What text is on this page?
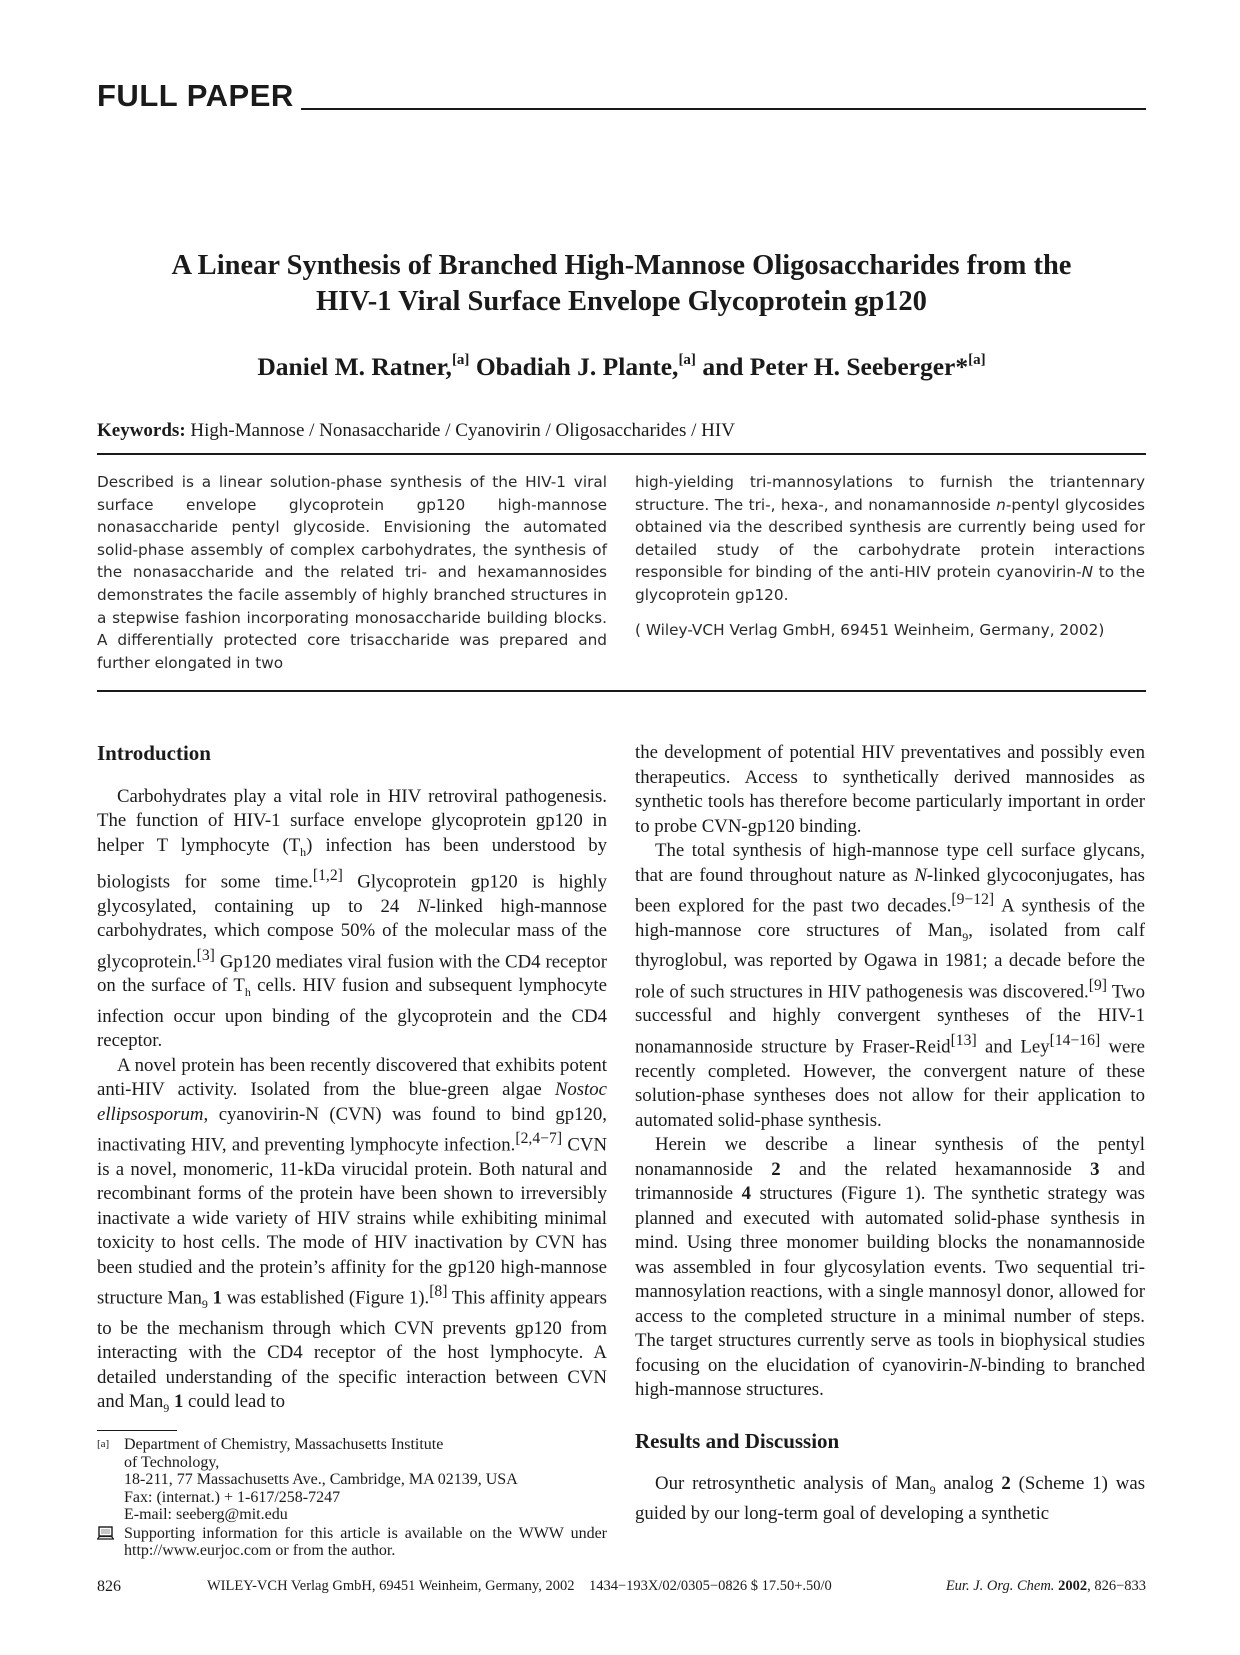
FULL PAPER
A Linear Synthesis of Branched High-Mannose Oligosaccharides from the
HIV-1 Viral Surface Envelope Glycoprotein gp120
Daniel M. Ratner,[a] Obadiah J. Plante,[a] and Peter H. Seeberger*[a]
Keywords: High-Mannose / Nonasaccharide / Cyanovirin / Oligosaccharides / HIV

Described is a linear solution-phase synthesis of the HIV-1 viral surface envelope glycoprotein gp120 high-mannose nonasaccharide pentyl glycoside. Envisioning the automated solid-phase assembly of complex carbohydrates, the synthesis of the nonasaccharide and the related tri- and hexamannosides demonstrates the facile assembly of highly branched structures in a stepwise fashion incorporating monosaccharide building blocks. A differentially protected core trisaccharide was prepared and further elongated in two

high-yielding tri-mannosylations to furnish the triantennary structure. The tri-, hexa-, and nonamannoside n-pentyl glycosides obtained via the described synthesis are currently being used for detailed study of the carbohydrate protein interactions responsible for binding of the anti-HIV protein cyanovirin-N to the glycoprotein gp120.

( Wiley-VCH Verlag GmbH, 69451 Weinheim, Germany, 2002)

Introduction

Carbohydrates play a vital role in HIV retroviral pathogenesis. The function of HIV-1 surface envelope glycoprotein gp120 in helper T lymphocyte $(T_h)$ infection has been understood by biologists for some time.[1,2] Glycoprotein gp120 is highly glycosylated, containing up to 24 N-linked high-mannose carbohydrates, which compose 50% of the molecular mass of the glycoprotein.[3] Gp120 mediates viral fusion with the CD4 receptor on the surface of $T_h$ cells. HIV fusion and subsequent lymphocyte infection occur upon binding of the glycoprotein and the CD4 receptor.

A novel protein has been recently discovered that exhibits potent anti-HIV activity. Isolated from the blue-green algae Nostoc ellipsosporum, cyanovirin-N (CVN) was found to bind gp120, inactivating HIV, and preventing lymphocyte infection.[2,4−7] CVN is a novel, monomeric, 11-kDa virucidal protein. Both natural and recombinant forms of the protein have been shown to irreversibly inactivate a wide variety of HIV strains while exhibiting minimal toxicity to host cells. The mode of HIV inactivation by CVN has been studied and the protein’s affinity for the gp120 high-mannose structure Man$_9$ 1 was established (Figure 1).[8] This affinity appears to be the mechanism through which CVN prevents gp120 from interacting with the CD4 receptor of the host lymphocyte. A detailed understanding of the specific interaction between CVN and Man$_9$ 1 could lead to

the development of potential HIV preventatives and possibly even therapeutics. Access to synthetically derived mannosides as synthetic tools has therefore become particularly important in order to probe CVN-gp120 binding.

The total synthesis of high-mannose type cell surface glycans, that are found throughout nature as N-linked glycoconjugates, has been explored for the past two decades.[9−12] A synthesis of the high-mannose core structures of Man$_9$, isolated from calf thyroglobul, was reported by Ogawa in 1981; a decade before the role of such structures in HIV pathogenesis was discovered.[9] Two successful and highly convergent syntheses of the HIV-1 nonamannoside structure by Fraser-Reid[13] and Ley[14−16] were recently completed. However, the convergent nature of these solution-phase syntheses does not allow for their application to automated solid-phase synthesis.

Herein we describe a linear synthesis of the pentyl nonamannoside 2 and the related hexamannoside 3 and trimannoside 4 structures (Figure 1). The synthetic strategy was planned and executed with automated solid-phase synthesis in mind. Using three monomer building blocks the nonamannoside was assembled in four glycosylation events. Two sequential tri-mannosylation reactions, with a single mannosyl donor, allowed for access to the completed structure in a minimal number of steps. The target structures currently serve as tools in biophysical studies focusing on the elucidation of cyanovirin-N-binding to branched high-mannose structures.

Results and Discussion

Our retrosynthetic analysis of Man$_9$ analog 2 (Scheme 1) was guided by our long-term goal of developing a synthetic

[a] Department of Chemistry, Massachusetts Institute
of Technology,
18-211, 77 Massachusetts Ave., Cambridge, MA 02139, USA
Fax: (internat.) + 1-617/258-7247
E-mail: seeberg@mit.edu
Supporting information for this article is available on the WWW under http://www.eurjoc.com or from the author.
826	WILEY-VCH Verlag GmbH, 69451 Weinheim, Germany, 2002 1434−193X/02/0305−0826 $ 17.50+.50/0	Eur. J. Org. Chem. 2002, 826−833
